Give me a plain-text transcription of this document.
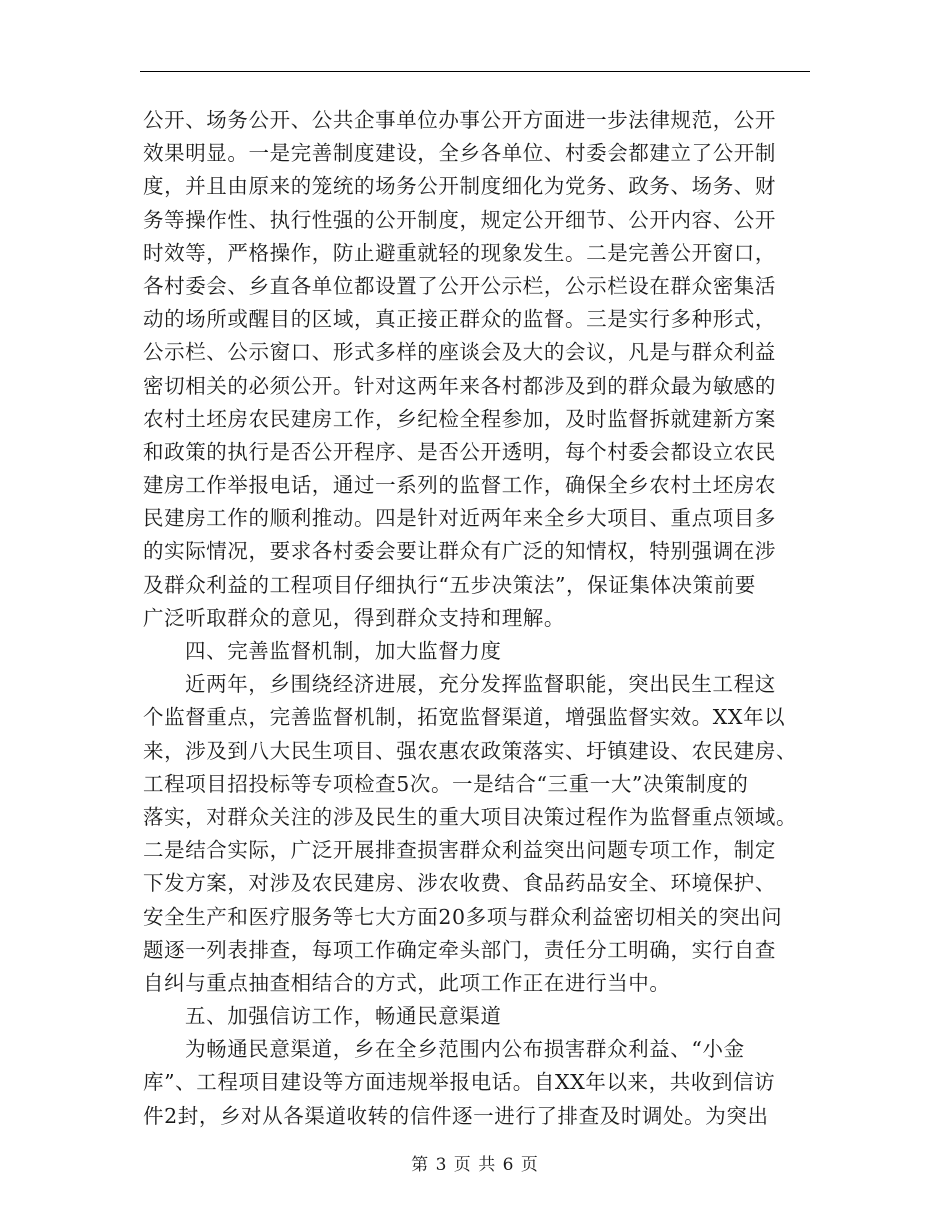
公开、场务公开、公共企事单位办事公开方面进一步法律规范，公开
效果明显。一是完善制度建设，全乡各单位、村委会都建立了公开制
度，并且由原来的笼统的场务公开制度细化为党务、政务、场务、财
务等操作性、执行性强的公开制度，规定公开细节、公开内容、公开
时效等，严格操作，防止避重就轻的现象发生。二是完善公开窗口，
各村委会、乡直各单位都设置了公开公示栏，公示栏设在群众密集活
动的场所或醒目的区域，真正接正群众的监督。三是实行多种形式，
公示栏、公示窗口、形式多样的座谈会及大的会议，凡是与群众利益
密切相关的必须公开。针对这两年来各村都涉及到的群众最为敏感的
农村土坯房农民建房工作，乡纪检全程参加，及时监督拆就建新方案
和政策的执行是否公开程序、是否公开透明，每个村委会都设立农民
建房工作举报电话，通过一系列的监督工作，确保全乡农村土坯房农
民建房工作的顺利推动。四是针对近两年来全乡大项目、重点项目多
的实际情况，要求各村委会要让群众有广泛的知情权，特别强调在涉
及群众利益的工程项目仔细执行“五步决策法”，保证集体决策前要
广泛听取群众的意见，得到群众支持和理解。
四、完善监督机制，加大监督力度
近两年，乡围绕经济进展，充分发挥监督职能，突出民生工程这
个监督重点，完善监督机制，拓宽监督渠道，增强监督实效。XX年以
来，涉及到八大民生项目、强农惠农政策落实、圩镇建设、农民建房、
工程项目招投标等专项检查5次。一是结合“三重一大”决策制度的
落实，对群众关注的涉及民生的重大项目决策过程作为监督重点领域。
二是结合实际，广泛开展排查损害群众利益突出问题专项工作，制定
下发方案，对涉及农民建房、涉农收费、食品药品安全、环境保护、
安全生产和医疗服务等七大方面20多项与群众利益密切相关的突出问
题逐一列表排查，每项工作确定牵头部门，责任分工明确，实行自查
自纠与重点抽查相结合的方式，此项工作正在进行当中。
五、加强信访工作，畅通民意渠道
为畅通民意渠道，乡在全乡范围内公布损害群众利益、“小金
库”、工程项目建设等方面违规举报电话。自XX年以来，共收到信访
件2封，乡对从各渠道收转的信件逐一进行了排查及时调处。为突出
第 3 页 共 6 页
